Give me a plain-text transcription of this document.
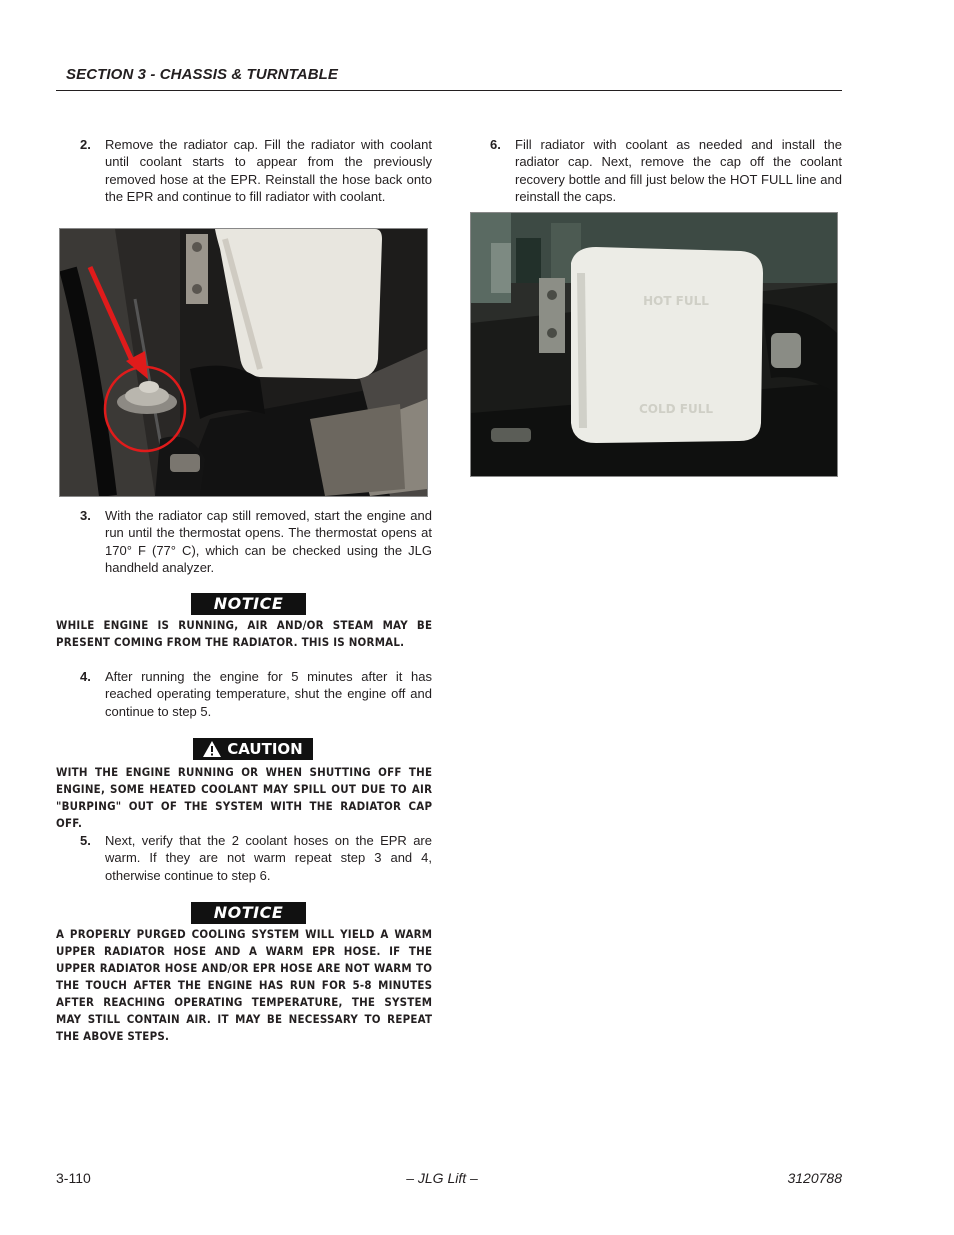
SECTION 3 - CHASSIS & TURNTABLE
2. Remove the radiator cap. Fill the radiator with coolant until coolant starts to appear from the previously removed hose at the EPR. Reinstall the hose back onto the EPR and continue to fill radiator with coolant.
3. With the radiator cap still removed, start the engine and run until the thermostat opens. The thermostat opens at 170° F (77° C), which can be checked using the JLG handheld analyzer.
NOTICE
WHILE ENGINE IS RUNNING, AIR AND/OR STEAM MAY BE PRESENT COMING FROM THE RADIATOR. THIS IS NORMAL.
4. After running the engine for 5 minutes after it has reached operating temperature, shut the engine off and continue to step 5.
CAUTION
WITH THE ENGINE RUNNING OR WHEN SHUTTING OFF THE ENGINE, SOME HEATED COOLANT MAY SPILL OUT DUE TO AIR "BURPING" OUT OF THE SYSTEM WITH THE RADIATOR CAP OFF.
5. Next, verify that the 2 coolant hoses on the EPR are warm. If they are not warm repeat step 3 and 4, otherwise continue to step 6.
NOTICE
A PROPERLY PURGED COOLING SYSTEM WILL YIELD A WARM UPPER RADIATOR HOSE AND A WARM EPR HOSE. IF THE UPPER RADIATOR HOSE AND/OR EPR HOSE ARE NOT WARM TO THE TOUCH AFTER THE ENGINE HAS RUN FOR 5-8 MINUTES AFTER REACHING OPERATING TEMPERATURE, THE SYSTEM MAY STILL CONTAIN AIR. IT MAY BE NECESSARY TO REPEAT THE ABOVE STEPS.
6. Fill radiator with coolant as needed and install the radiator cap. Next, remove the cap off the coolant recovery bottle and fill just below the HOT FULL line and reinstall the caps.
HOT FULL
COLD FULL
3-110	– JLG Lift –	3120788
